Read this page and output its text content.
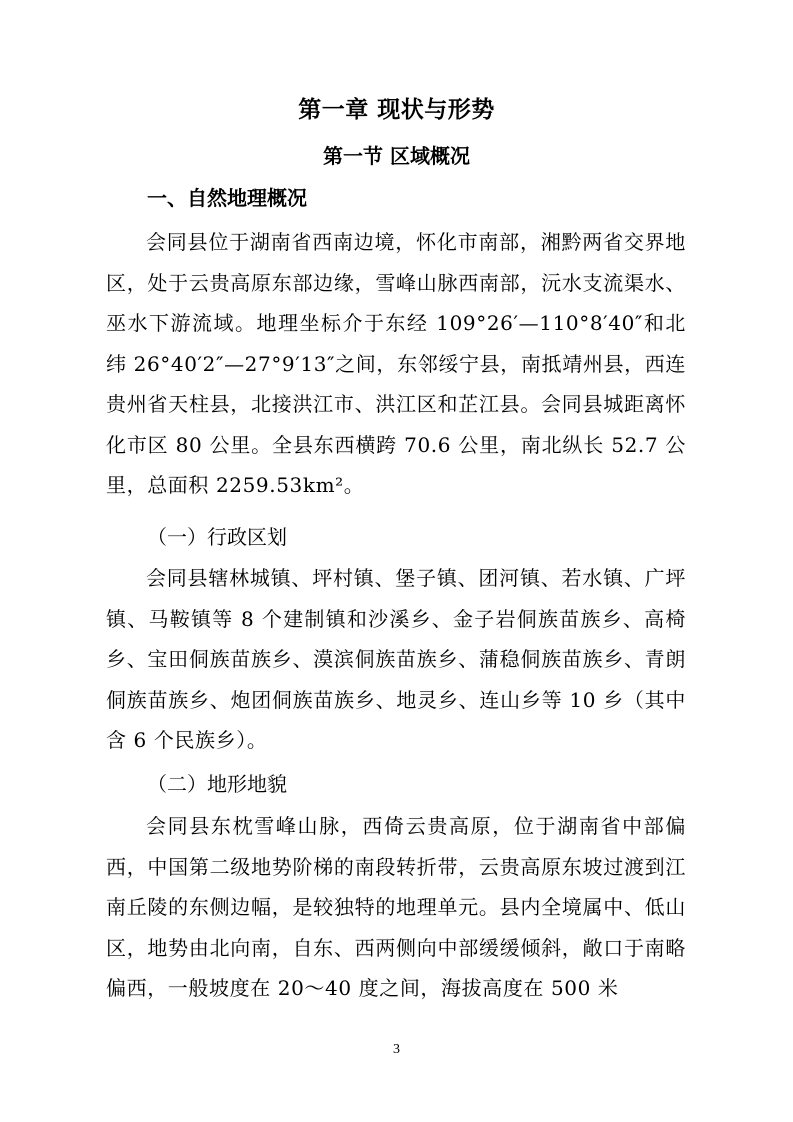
第一章 现状与形势
第一节 区域概况
一、自然地理概况

会同县位于湖南省西南边境，怀化市南部，湘黔两省交界地区，处于云贵高原东部边缘，雪峰山脉西南部，沅水支流渠水、巫水下游流域。地理坐标介于东经 109°26′—110°8′40″和北纬 26°40′2″—27°9′13″之间，东邻绥宁县，南抵靖州县，西连贵州省天柱县，北接洪江市、洪江区和芷江县。会同县城距离怀化市区 80 公里。全县东西横跨 70.6 公里，南北纵长 52.7 公里，总面积 2259.53km²。

（一）行政区划

会同县辖林城镇、坪村镇、堡子镇、团河镇、若水镇、广坪镇、马鞍镇等 8 个建制镇和沙溪乡、金子岩侗族苗族乡、高椅乡、宝田侗族苗族乡、漠滨侗族苗族乡、蒲稳侗族苗族乡、青朗侗族苗族乡、炮团侗族苗族乡、地灵乡、连山乡等 10 乡（其中含 6 个民族乡）。

（二）地形地貌

会同县东枕雪峰山脉，西倚云贵高原，位于湖南省中部偏西，中国第二级地势阶梯的南段转折带，云贵高原东坡过渡到江南丘陵的东侧边幅，是较独特的地理单元。县内全境属中、低山区，地势由北向南，自东、西两侧向中部缓缓倾斜，敞口于南略偏西，一般坡度在 20～40 度之间，海拔高度在 500 米

3
